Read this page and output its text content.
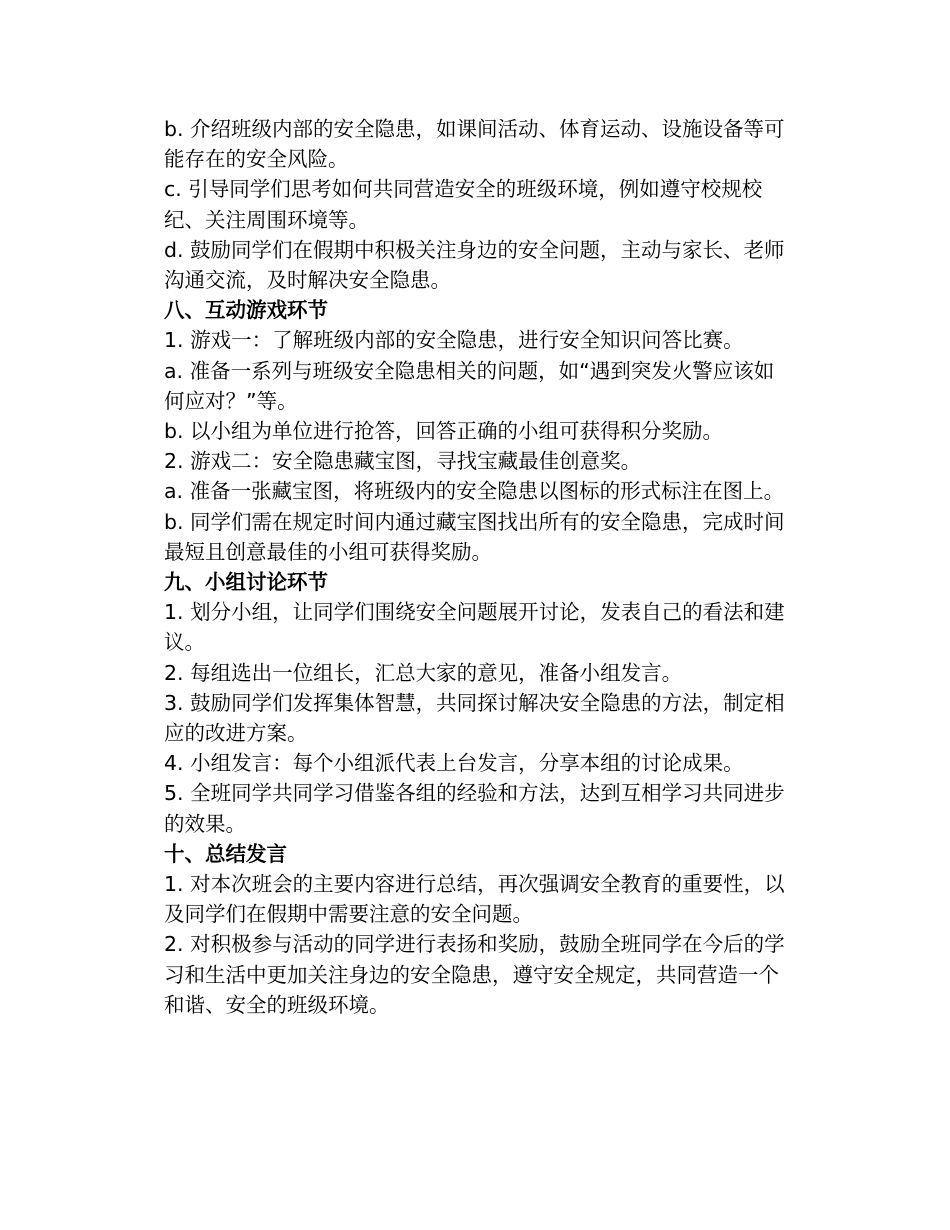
b. 介绍班级内部的安全隐患，如课间活动、体育运动、设施设备等可能存在的安全风险。

c. 引导同学们思考如何共同营造安全的班级环境，例如遵守校规校纪、关注周围环境等。

d. 鼓励同学们在假期中积极关注身边的安全问题，主动与家长、老师沟通交流，及时解决安全隐患。

八、互动游戏环节

1. 游戏一：了解班级内部的安全隐患，进行安全知识问答比赛。

a. 准备一系列与班级安全隐患相关的问题，如“遇到突发火警应该如何应对？”等。

b. 以小组为单位进行抢答，回答正确的小组可获得积分奖励。

2. 游戏二：安全隐患藏宝图，寻找宝藏最佳创意奖。

a. 准备一张藏宝图，将班级内的安全隐患以图标的形式标注在图上。

b. 同学们需在规定时间内通过藏宝图找出所有的安全隐患，完成时间最短且创意最佳的小组可获得奖励。

九、小组讨论环节

1. 划分小组，让同学们围绕安全问题展开讨论，发表自己的看法和建议。

2. 每组选出一位组长，汇总大家的意见，准备小组发言。

3. 鼓励同学们发挥集体智慧，共同探讨解决安全隐患的方法，制定相应的改进方案。

4. 小组发言：每个小组派代表上台发言，分享本组的讨论成果。

5. 全班同学共同学习借鉴各组的经验和方法，达到互相学习共同进步的效果。

十、总结发言

1. 对本次班会的主要内容进行总结，再次强调安全教育的重要性，以及同学们在假期中需要注意的安全问题。

2. 对积极参与活动的同学进行表扬和奖励，鼓励全班同学在今后的学习和生活中更加关注身边的安全隐患，遵守安全规定，共同营造一个和谐、安全的班级环境。
